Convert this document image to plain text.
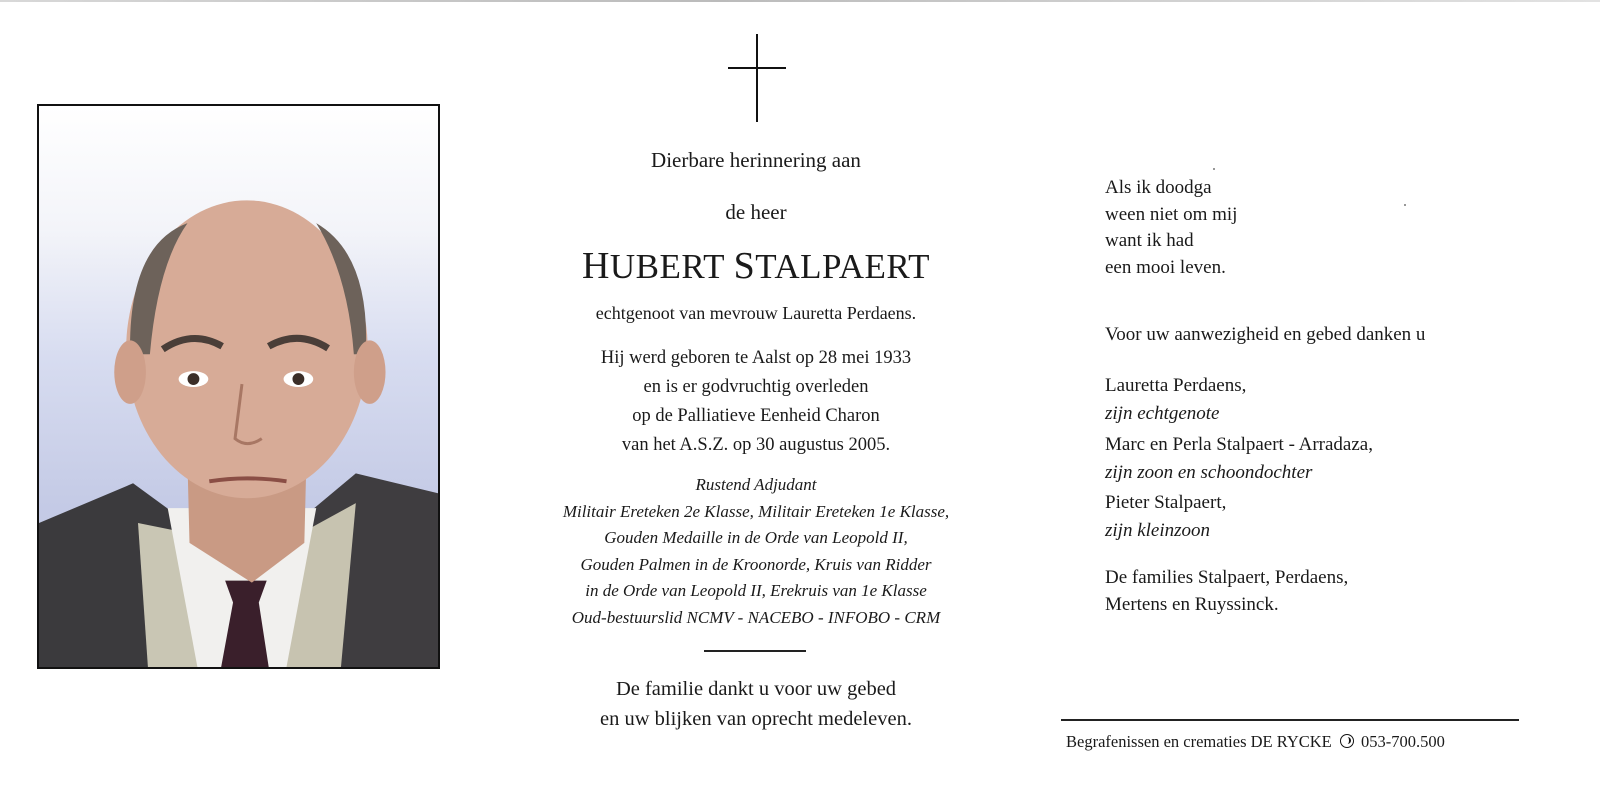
Dierbare herinnering aan
de heer
HUBERT STALPAERT
echtgenoot van mevrouw Lauretta Perdaens.
Hij werd geboren te Aalst op 28 mei 1933
en is er godvruchtig overleden
op de Palliatieve Eenheid Charon
van het A.S.Z. op 30 augustus 2005.
Rustend Adjudant
Militair Ereteken 2e Klasse, Militair Ereteken 1e Klasse,
Gouden Medaille in de Orde van Leopold II,
Gouden Palmen in de Kroonorde, Kruis van Ridder
in de Orde van Leopold II, Erekruis van 1e Klasse
Oud-bestuurslid NCMV - NACEBO - INFOBO - CRM
De familie dankt u voor uw gebed
en uw blijken van oprecht medeleven.
Als ik doodga
ween niet om mij
want ik had
een mooi leven.
Voor uw aanwezigheid en gebed danken u
Lauretta Perdaens,
zijn echtgenote
Marc en Perla Stalpaert - Arradaza,
zijn zoon en schoondochter
Pieter Stalpaert,
zijn kleinzoon
De families Stalpaert, Perdaens,
Mertens en Ruyssinck.
Begrafenissen en crematies DE RYCKE 053-700.500
